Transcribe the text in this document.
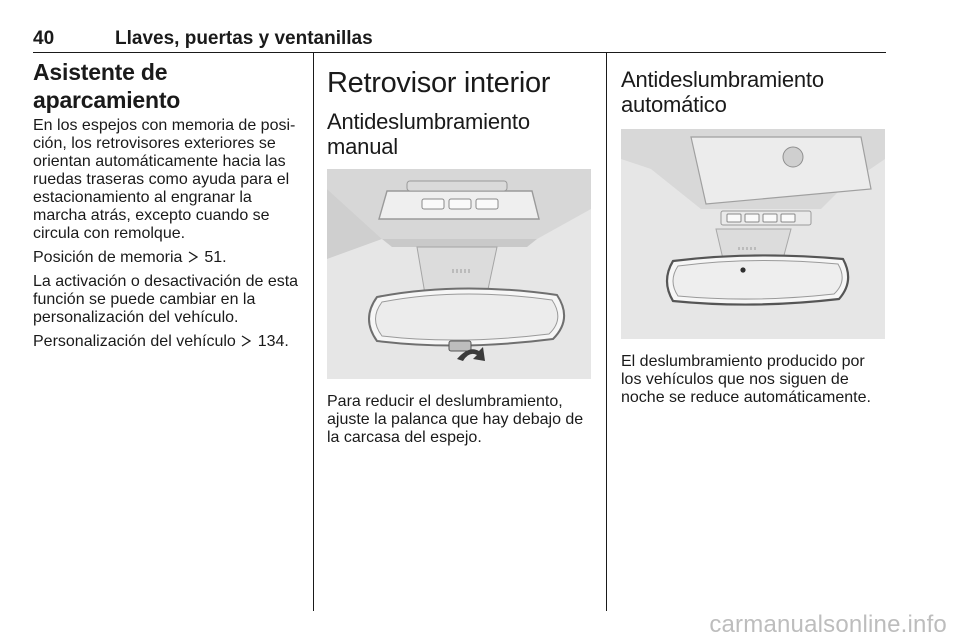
40	Llaves, puertas y ventanillas
Asistente de aparcamiento

En los espejos con memoria de posi-ción, los retrovisores exteriores se orientan automáticamente hacia las ruedas traseras como ayuda para el estacionamiento al engranar la marcha atrás, excepto cuando se circula con remolque.

Posición de memoria 51.

La activación o desactivación de esta función se puede cambiar en la personalización del vehículo.

Personalización del vehículo 134.

Retrovisor interior
Antideslumbramiento manual

Para reducir el deslumbramiento, ajuste la palanca que hay debajo de la carcasa del espejo.

Antideslumbramiento automático

El deslumbramiento producido por los vehículos que nos siguen de noche se reduce automáticamente.

carmanualsonline.info
